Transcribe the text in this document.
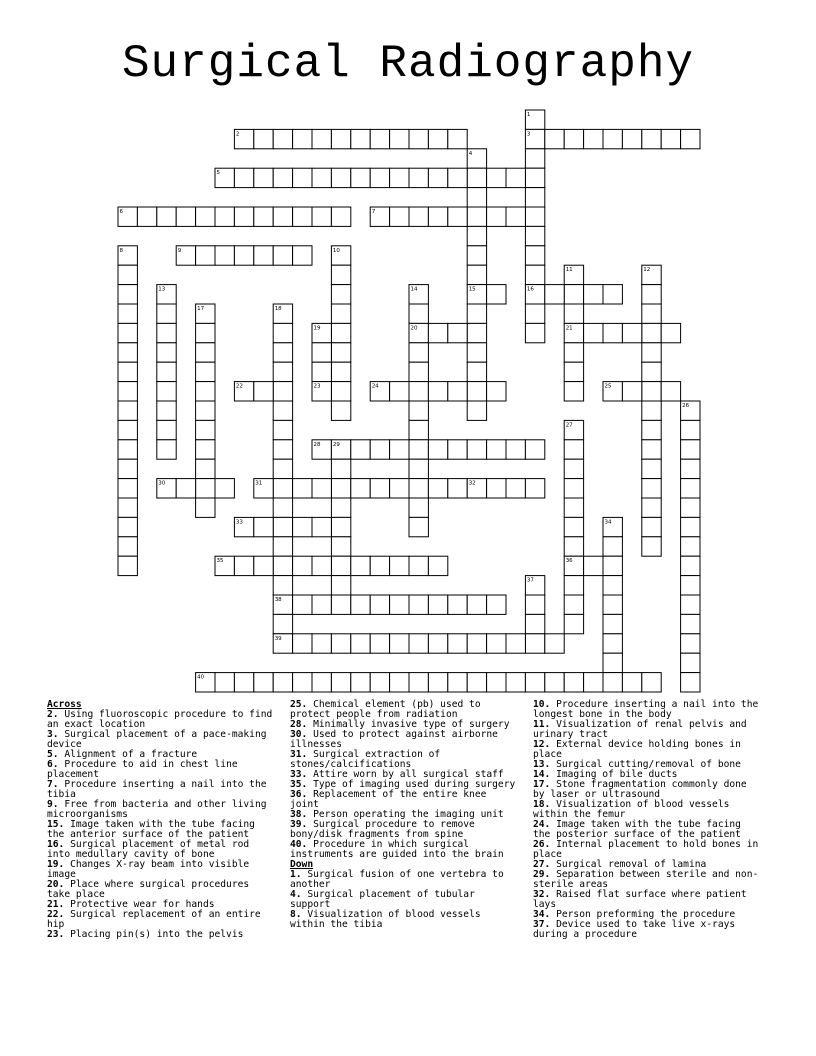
Surgical Radiography
1
3
16
2
4
15
5
6	7
8	9	10
11
21
12
13	14
20
17	18
38
39
19
23
22	24	25
26
27
36
28 29
30	31	32
33	34
35
37
40
Across
2. Using fluoroscopic procedure to find an exact location
3. Surgical placement of a pace-making device
5. Alignment of a fracture
6. Procedure to aid in chest line placement
7. Procedure inserting a nail into the tibia
9. Free from bacteria and other living microorganisms
15. Image taken with the tube facing the anterior surface of the patient
16. Surgical placement of metal rod into medullary cavity of bone
19. Changes X-ray beam into visible image
20. Place where surgical procedures take place
21. Protective wear for hands
22. Surgical replacement of an entire hip
23. Placing pin(s) into the pelvis
25. Chemical element (pb) used to protect people from radiation
28. Minimally invasive type of surgery
30. Used to protect against airborne illnesses
31. Surgical extraction of stones/calcifications
33. Attire worn by all surgical staff
35. Type of imaging used during surgery
36. Replacement of the entire knee joint
38. Person operating the imaging unit
39. Surgical procedure to remove bony/disk fragments from spine
40. Procedure in which surgical instruments are guided into the brain
Down
1. Surgical fusion of one vertebra to another
4. Surgical placement of tubular support
8. Visualization of blood vessels within the tibia
10. Procedure inserting a nail into the longest bone in the body
11. Visualization of renal pelvis and urinary tract
12. External device holding bones in place
13. Surgical cutting/removal of bone
14. Imaging of bile ducts
17. Stone fragmentation commonly done by laser or ultrasound
18. Visualization of blood vessels within the femur
24. Image taken with the tube facing the posterior surface of the patient
26. Internal placement to hold bones in place
27. Surgical removal of lamina
29. Separation between sterile and non-sterile areas
32. Raised flat surface where patient lays
34. Person preforming the procedure
37. Device used to take live x-rays during a procedure
